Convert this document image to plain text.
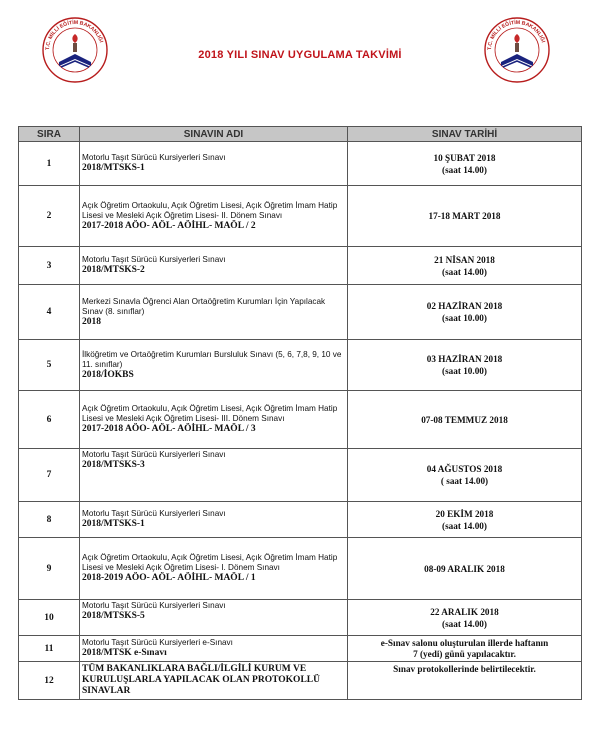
T.C. MİLLİ EĞİTİM BAKANLIĞI
2018 YILI SINAV UYGULAMA TAKVİMİ
T.C. MİLLİ EĞİTİM BAKANLIĞI
SIRA	SINAVIN ADI	SINAV TARİHİ
1	Motorlu Taşıt Sürücü Kursiyerleri Sınavı
2018/MTSKS-1	10 ŞUBAT 2018
(saat 14.00)

2	Açık Öğretim Ortaokulu, Açık Öğretim Lisesi, Açık Öğretim İmam Hatip Lisesi ve Mesleki Açık Öğretim Lisesi- II. Dönem Sınavı
2017-2018 AÖO- AÖL- AÖİHL- MAÖL / 2	17-18 MART 2018

3	Motorlu Taşıt Sürücü Kursiyerleri Sınavı
2018/MTSKS-2	21 NİSAN 2018
(saat 14.00)

4	Merkezi Sınavla Öğrenci Alan Ortaöğretim Kurumları İçin Yapılacak Sınav (8. sınıflar)
2018	02 HAZİRAN 2018
(saat 10.00)

5	İlköğretim ve Ortaöğretim Kurumları Bursluluk Sınavı (5, 6, 7,8, 9, 10 ve 11. sınıflar)
2018/İOKBS	03 HAZİRAN 2018
(saat 10.00)

6	Açık Öğretim Ortaokulu, Açık Öğretim Lisesi, Açık Öğretim İmam Hatip Lisesi ve Mesleki Açık Öğretim Lisesi- III. Dönem Sınavı
2017-2018 AÖO- AÖL- AÖİHL- MAÖL / 3	07-08 TEMMUZ 2018

7	Motorlu Taşıt Sürücü Kursiyerleri Sınavı
2018/MTSKS-3	04 AĞUSTOS 2018
( saat 14.00)

8	Motorlu Taşıt Sürücü Kursiyerleri Sınavı
2018/MTSKS-1	20 EKİM 2018
(saat 14.00)

9	Açık Öğretim Ortaokulu, Açık Öğretim Lisesi, Açık Öğretim İmam Hatip Lisesi ve Mesleki Açık Öğretim Lisesi- I. Dönem Sınavı
2018-2019 AÖO- AÖL- AÖİHL- MAÖL / 1	08-09 ARALIK 2018

10	Motorlu Taşıt Sürücü Kursiyerleri Sınavı
2018/MTSKS-5	22 ARALIK 2018
(saat 14.00)

11	Motorlu Taşıt Sürücü Kursiyerleri e-Sınavı
2018/MTSK e-Sınavı	e-Sınav salonu oluşturulan illerde haftanın
7 (yedi) günü yapılacaktır.

12	TÜM BAKANLIKLARA BAĞLI/İLGİLİ KURUM VE KURULUŞLARLA YAPILACAK OLAN PROTOKOLLÜ SINAVLAR	Sınav protokollerinde belirtilecektir.
